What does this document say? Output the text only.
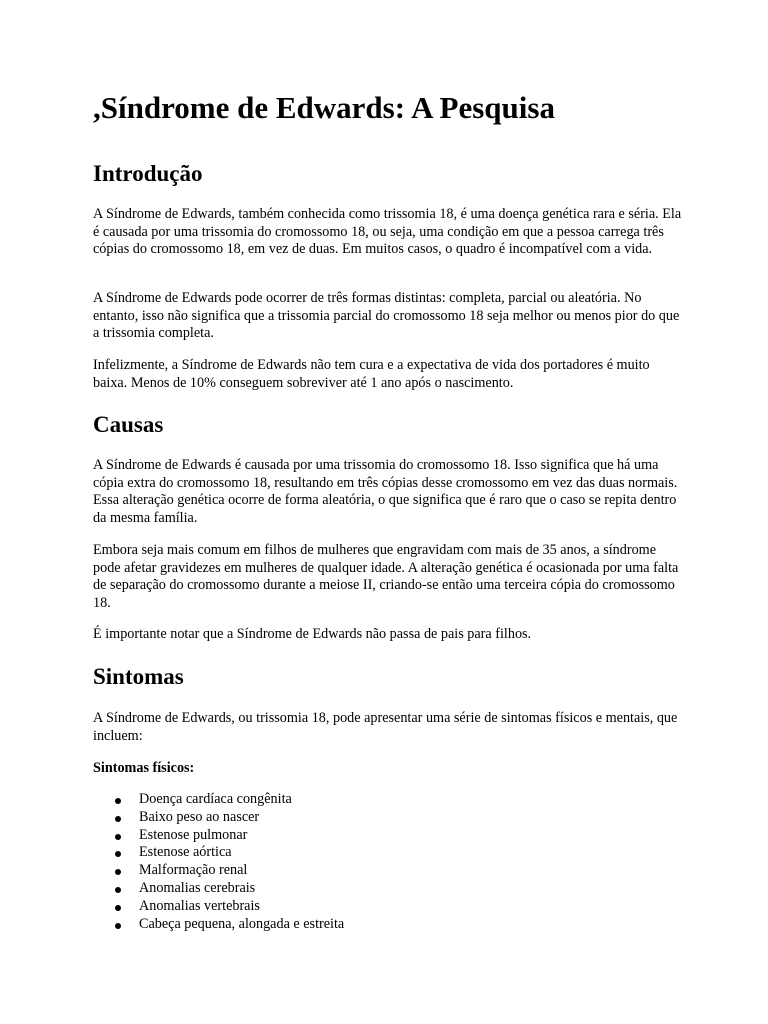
,Síndrome de Edwards: A Pesquisa
Introdução

A Síndrome de Edwards, também conhecida como trissomia 18, é uma doença genética rara e séria. Ela é causada por uma trissomia do cromossomo 18, ou seja, uma condição em que a pessoa carrega três cópias do cromossomo 18, em vez de duas. Em muitos casos, o quadro é incompatível com a vida.

A Síndrome de Edwards pode ocorrer de três formas distintas: completa, parcial ou aleatória. No entanto, isso não significa que a trissomia parcial do cromossomo 18 seja melhor ou menos pior do que a trissomia completa.

Infelizmente, a Síndrome de Edwards não tem cura e a expectativa de vida dos portadores é muito baixa. Menos de 10% conseguem sobreviver até 1 ano após o nascimento.

Causas

A Síndrome de Edwards é causada por uma trissomia do cromossomo 18. Isso significa que há uma cópia extra do cromossomo 18, resultando em três cópias desse cromossomo em vez das duas normais. Essa alteração genética ocorre de forma aleatória, o que significa que é raro que o caso se repita dentro da mesma família.

Embora seja mais comum em filhos de mulheres que engravidam com mais de 35 anos, a síndrome pode afetar gravidezes em mulheres de qualquer idade. A alteração genética é ocasionada por uma falta de separação do cromossomo durante a meiose II, criando-se então uma terceira cópia do cromossomo 18.

É importante notar que a Síndrome de Edwards não passa de pais para filhos.

Sintomas

A Síndrome de Edwards, ou trissomia 18, pode apresentar uma série de sintomas físicos e mentais, que incluem:

Sintomas físicos:

Doença cardíaca congênita
Baixo peso ao nascer
Estenose pulmonar
Estenose aórtica
Malformação renal
Anomalias cerebrais
Anomalias vertebrais
Cabeça pequena, alongada e estreita
